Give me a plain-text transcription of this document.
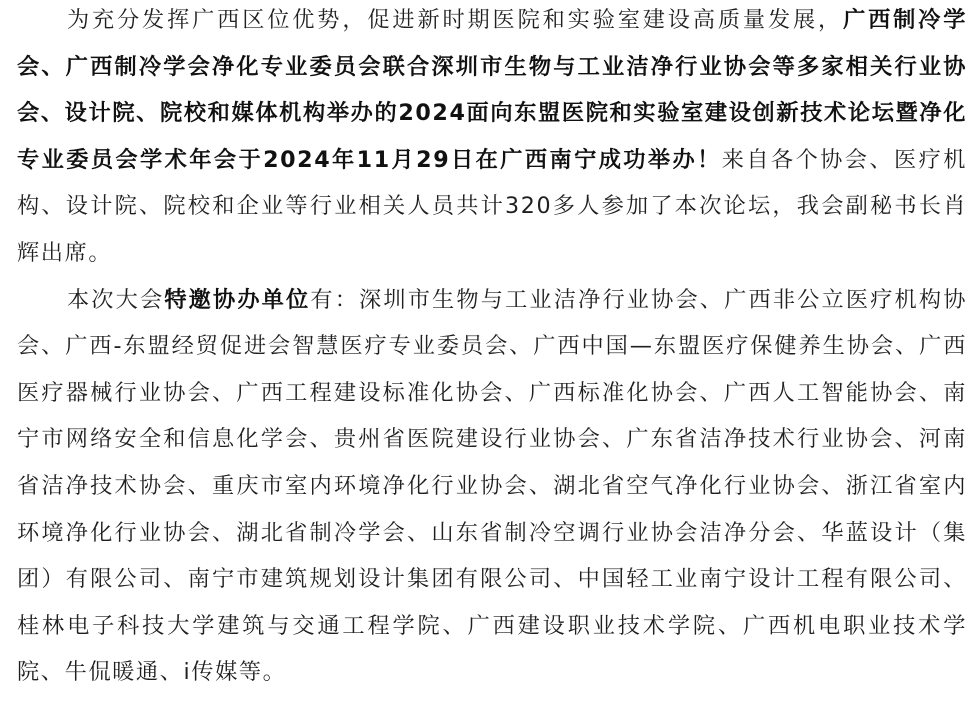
为充分发挥广西区位优势，促进新时期医院和实验室建设高质量发展，广西制冷学会、广西制冷学会净化专业委员会联合深圳市生物与工业洁净行业协会等多家相关行业协会、设计院、院校和媒体机构举办的2024面向东盟医院和实验室建设创新技术论坛暨净化专业委员会学术年会于2024年11月29日在广西南宁成功举办！来自各个协会、医疗机构、设计院、院校和企业等行业相关人员共计320多人参加了本次论坛，我会副秘书长肖辉出席。

本次大会特邀协办单位有：深圳市生物与工业洁净行业协会、广西非公立医疗机构协会、广西-东盟经贸促进会智慧医疗专业委员会、广西中国—东盟医疗保健养生协会、广西医疗器械行业协会、广西工程建设标准化协会、广西标准化协会、广西人工智能协会、南宁市网络安全和信息化学会、贵州省医院建设行业协会、广东省洁净技术行业协会、河南省洁净技术协会、重庆市室内环境净化行业协会、湖北省空气净化行业协会、浙江省室内环境净化行业协会、湖北省制冷学会、山东省制冷空调行业协会洁净分会、华蓝设计（集团）有限公司、南宁市建筑规划设计集团有限公司、中国轻工业南宁设计工程有限公司、桂林电子科技大学建筑与交通工程学院、广西建设职业技术学院、广西机电职业技术学院、牛侃暖通、i传媒等。
